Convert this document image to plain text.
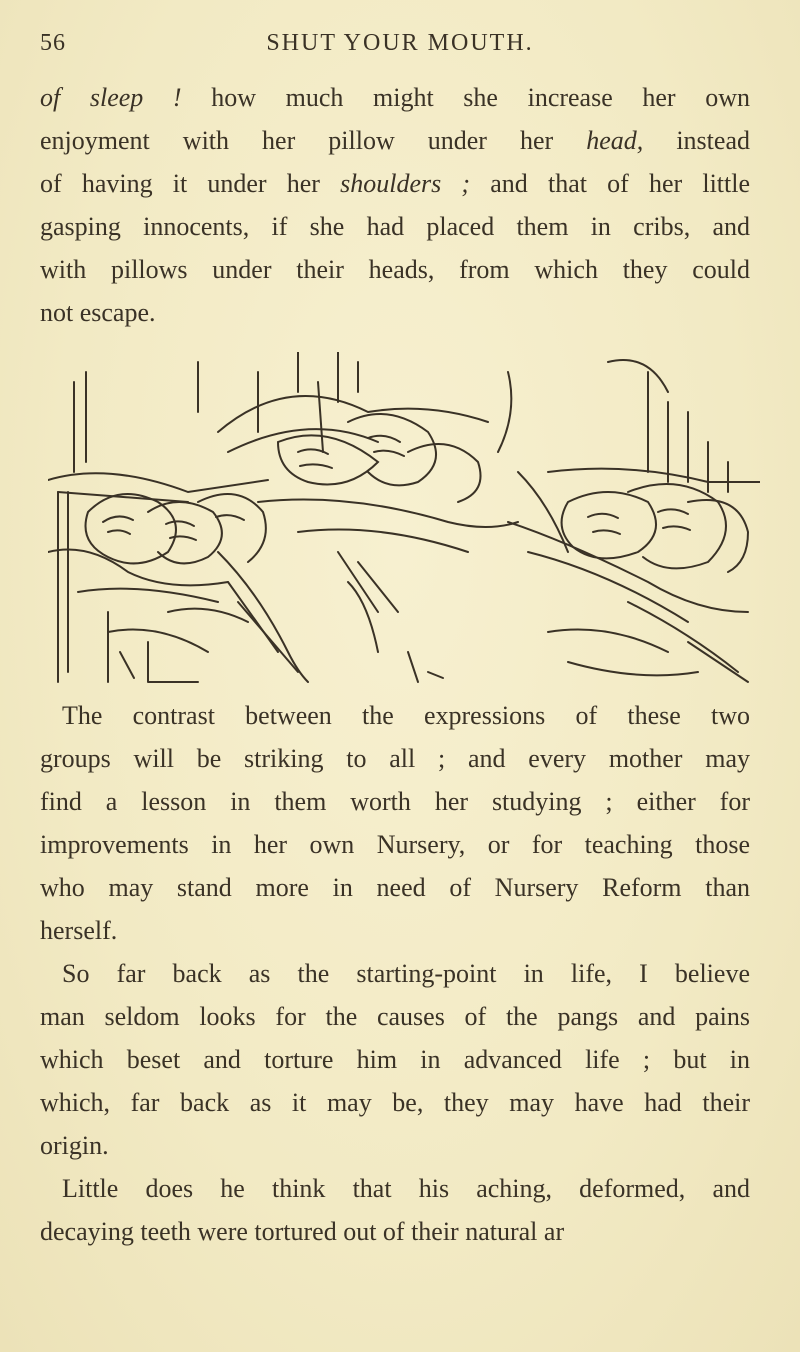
56	SHUT YOUR MOUTH.
of sleep ! how much might she increase her own
enjoyment with her pillow under her head, instead
of having it under her shoulders ; and that of her little
gasping innocents, if she had placed them in cribs, and
with pillows under their heads, from which they could
not escape.
The contrast between the expressions of these two
groups will be striking to all ; and every mother may
find a lesson in them worth her studying ; either for
improvements in her own Nursery, or for teaching those
who may stand more in need of Nursery Reform than
herself.
So far back as the starting-point in life, I believe
man seldom looks for the causes of the pangs and pains
which beset and torture him in advanced life ; but in
which, far back as it may be, they may have had their
origin.
Little does he think that his aching, deformed, and
decaying teeth were tortured out of their natural ar
